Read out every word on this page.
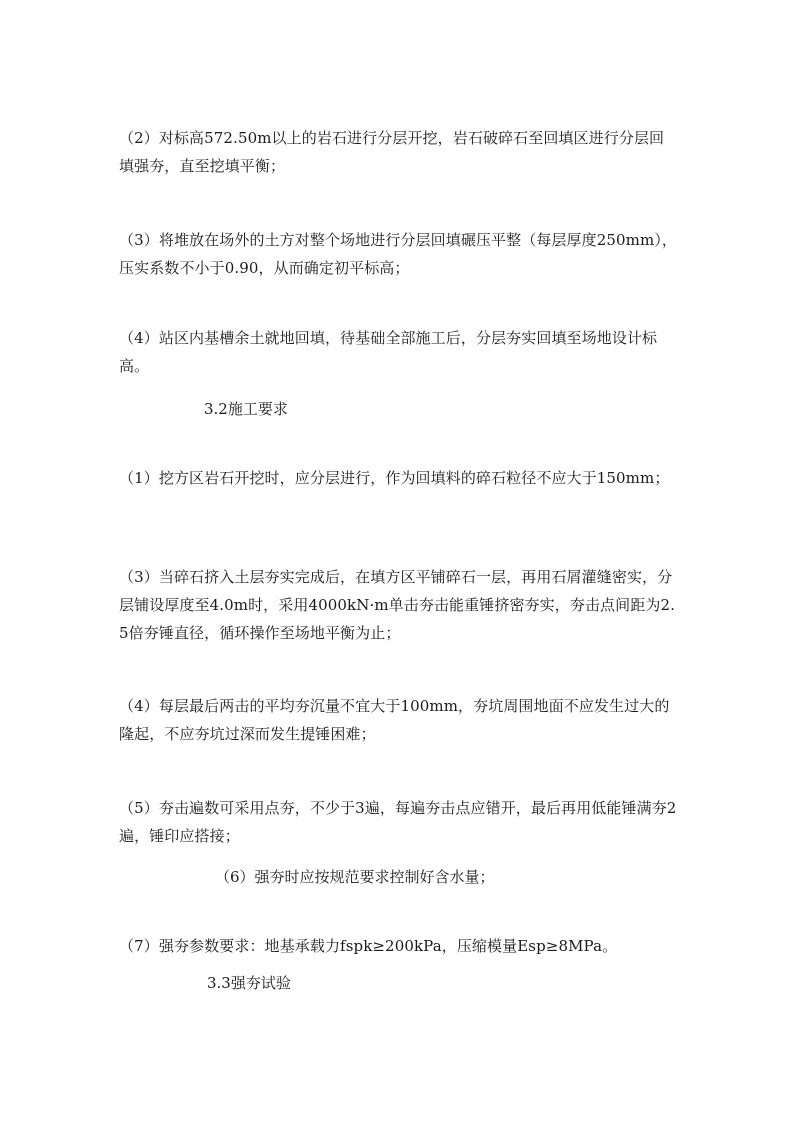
（2）对标高572.50m以上的岩石进行分层开挖，岩石破碎石至回填区进行分层回填强夯，直至挖填平衡；

（3）将堆放在场外的土方对整个场地进行分层回填碾压平整（每层厚度250mm），压实系数不小于0.90，从而确定初平标高；

（4）站区内基槽余土就地回填，待基础全部施工后，分层夯实回填至场地设计标高。

3.2施工要求

（1）挖方区岩石开挖时，应分层进行，作为回填料的碎石粒径不应大于150mm；

（3）当碎石挤入土层夯实完成后，在填方区平铺碎石一层，再用石屑灌缝密实，分层铺设厚度至4.0m时，采用4000kN·m单击夯击能重锤挤密夯实，夯击点间距为2.5倍夯锤直径，循环操作至场地平衡为止；

（4）每层最后两击的平均夯沉量不宜大于100mm，夯坑周围地面不应发生过大的隆起，不应夯坑过深而发生提锤困难；

（5）夯击遍数可采用点夯，不少于3遍，每遍夯击点应错开，最后再用低能锤满夯2遍，锤印应搭接；

（6）强夯时应按规范要求控制好含水量；

（7）强夯参数要求：地基承载力fspk≥200kPa，压缩模量Esp≥8MPa。

3.3强夯试验
